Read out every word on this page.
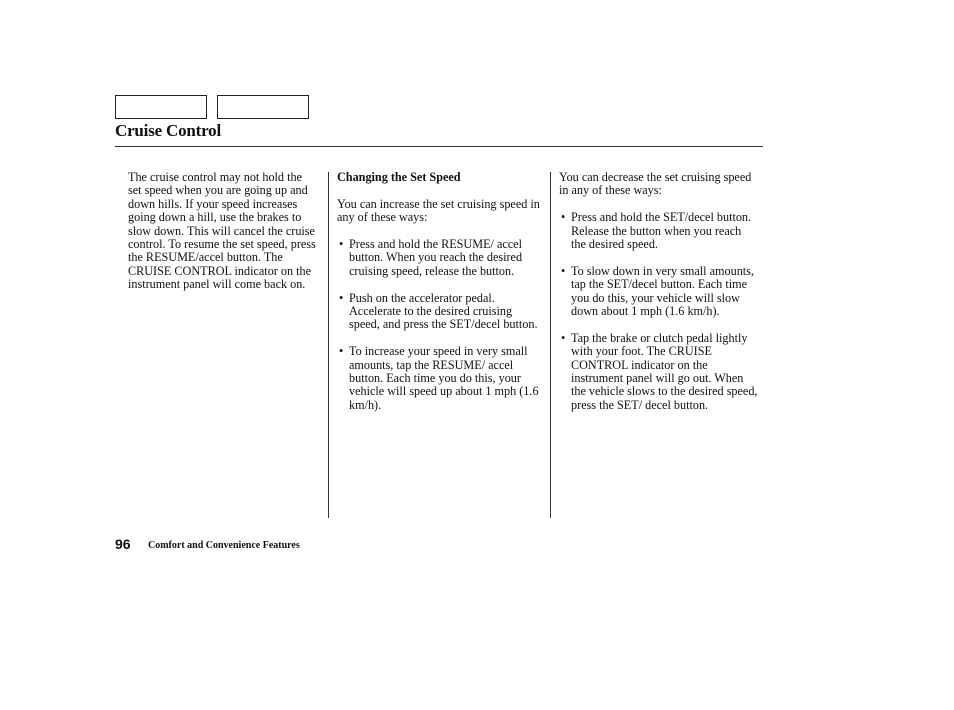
Cruise Control

The cruise control may not hold the set speed when you are going up and down hills. If your speed increases going down a hill, use the brakes to slow down. This will cancel the cruise control. To resume the set speed, press the RESUME/accel button. The CRUISE CONTROL indicator on the instrument panel will come back on.

Changing the Set Speed

You can increase the set cruising speed in any of these ways:

• Press and hold the RESUME/ accel button. When you reach the desired cruising speed, release the button.
• Push on the accelerator pedal. Accelerate to the desired cruising speed, and press the SET/decel button.
• To increase your speed in very small amounts, tap the RESUME/ accel button. Each time you do this, your vehicle will speed up about 1 mph (1.6 km/h).

You can decrease the set cruising speed in any of these ways:

• Press and hold the SET/decel button. Release the button when you reach the desired speed.
• To slow down in very small amounts, tap the SET/decel button. Each time you do this, your vehicle will slow down about 1 mph (1.6 km/h).
• Tap the brake or clutch pedal lightly with your foot. The CRUISE CONTROL indicator on the instrument panel will go out. When the vehicle slows to the desired speed, press the SET/ decel button.
96 Comfort and Convenience Features
